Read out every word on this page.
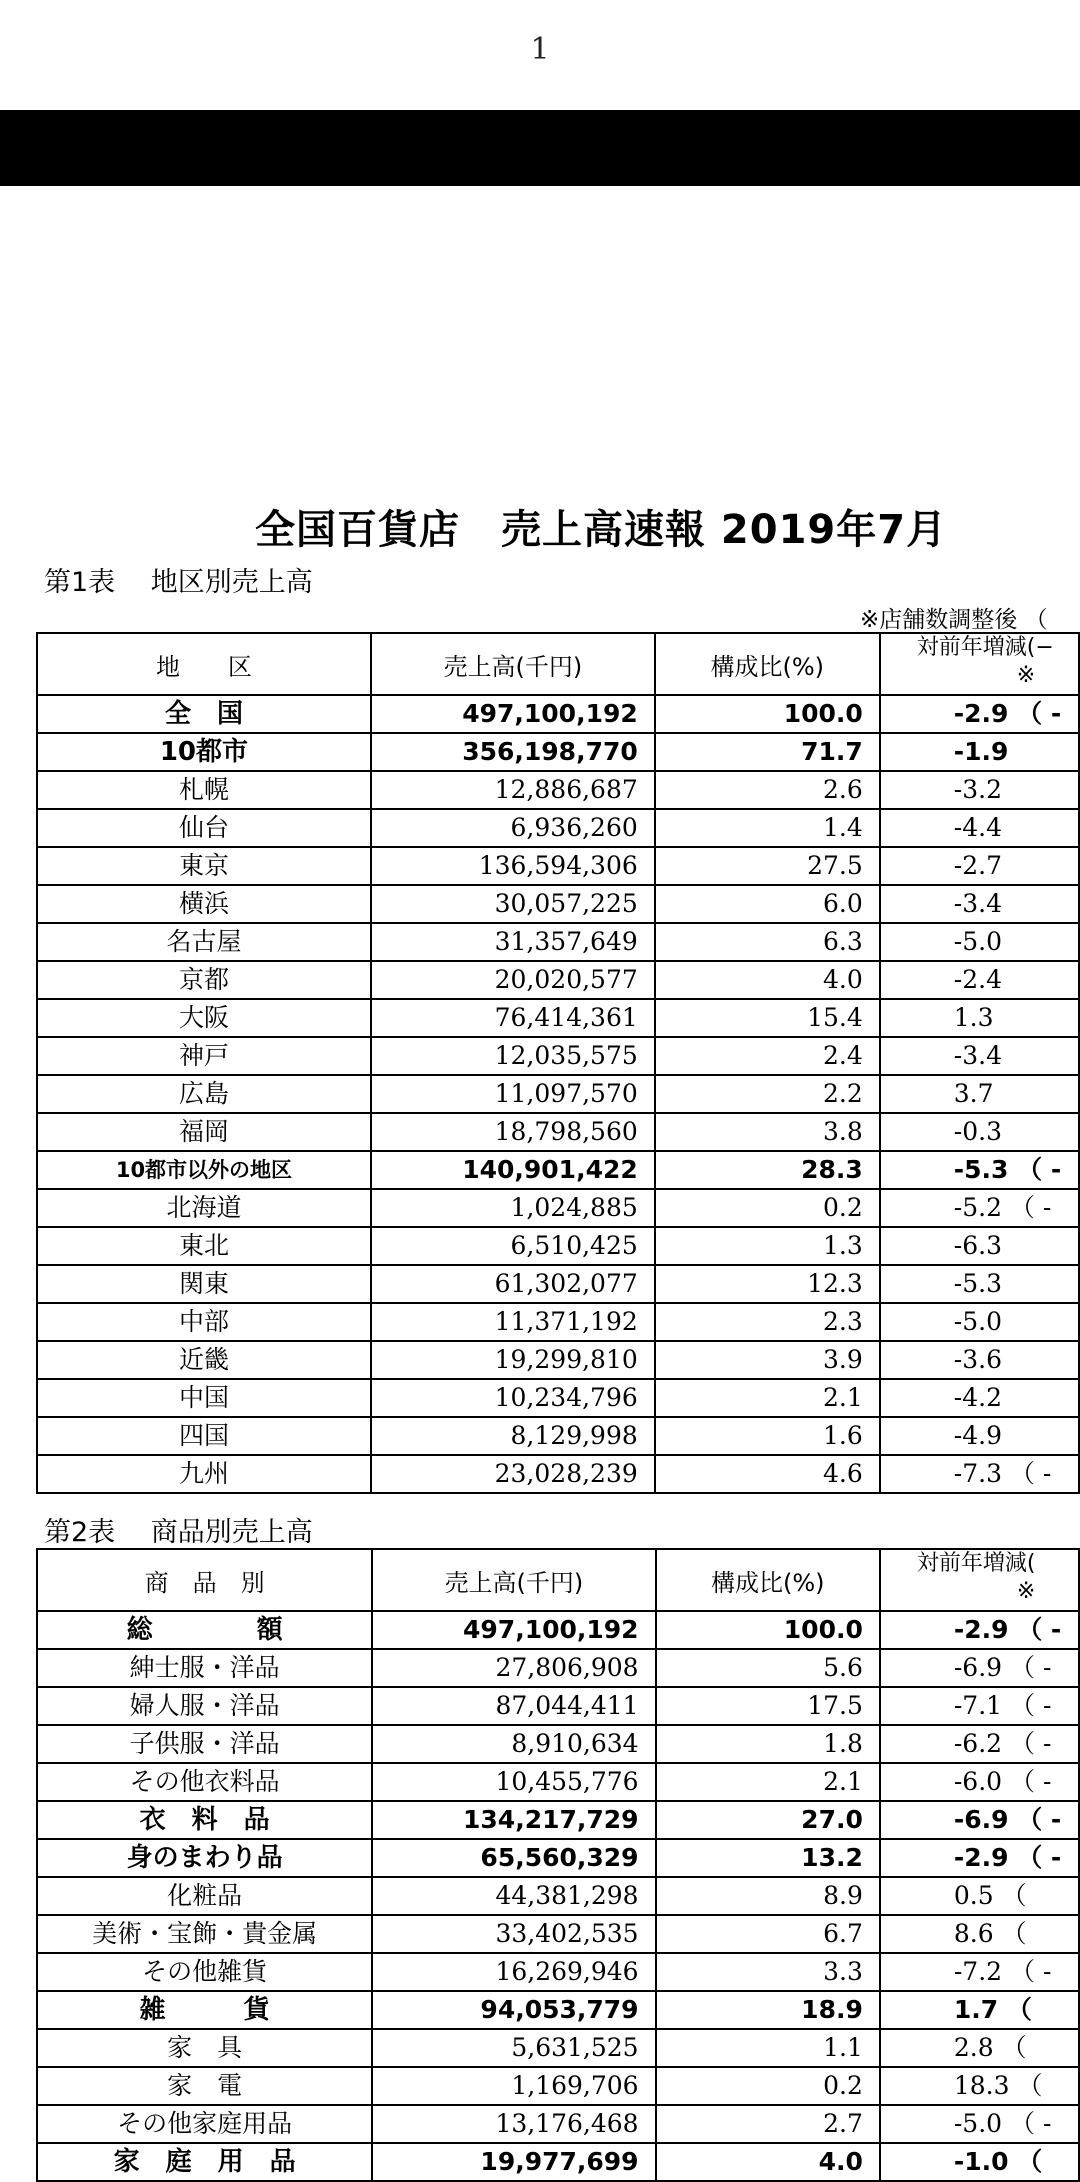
1
全国百貨店　売上高速報 2019年7月
第1表　 地区別売上高
※店舗数調整後 （
地　　区	売上高(千円)	構成比(%)	対前年増減(−
※

全　国	497,100,192	100.0	-2.9 （ -
10都市	356,198,770	71.7	-1.9
札幌	12,886,687	2.6	-3.2
仙台	6,936,260	1.4	-4.4
東京	136,594,306	27.5	-2.7
横浜	30,057,225	6.0	-3.4
名古屋	31,357,649	6.3	-5.0
京都	20,020,577	4.0	-2.4
大阪	76,414,361	15.4	1.3
神戸	12,035,575	2.4	-3.4
広島	11,097,570	2.2	3.7
福岡	18,798,560	3.8	-0.3
10都市以外の地区	140,901,422	28.3	-5.3 （ -
北海道	1,024,885	0.2	-5.2 （ -
東北	6,510,425	1.3	-6.3
関東	61,302,077	12.3	-5.3
中部	11,371,192	2.3	-5.0
近畿	19,299,810	3.9	-3.6
中国	10,234,796	2.1	-4.2
四国	8,129,998	1.6	-4.9
九州	23,028,239	4.6	-7.3 （ -
第2表　 商品別売上高
商　品　別	売上高(千円)	構成比(%)	対前年増減(
※

総　　　　額	497,100,192	100.0	-2.9 （ -
紳士服・洋品	27,806,908	5.6	-6.9 （ -
婦人服・洋品	87,044,411	17.5	-7.1 （ -
子供服・洋品	8,910,634	1.8	-6.2 （ -
その他衣料品	10,455,776	2.1	-6.0 （ -
衣　料　品	134,217,729	27.0	-6.9 （ -
身のまわり品	65,560,329	13.2	-2.9 （ -
化粧品	44,381,298	8.9	0.5 （
美術・宝飾・貴金属	33,402,535	6.7	8.6 （
その他雑貨	16,269,946	3.3	-7.2 （ -
雑　　　貨	94,053,779	18.9	1.7 （
家　具	5,631,525	1.1	2.8 （
家　電	1,169,706	0.2	18.3 （
その他家庭用品	13,176,468	2.7	-5.0 （ -
家　庭　用　品	19,977,699	4.0	-1.0 （
